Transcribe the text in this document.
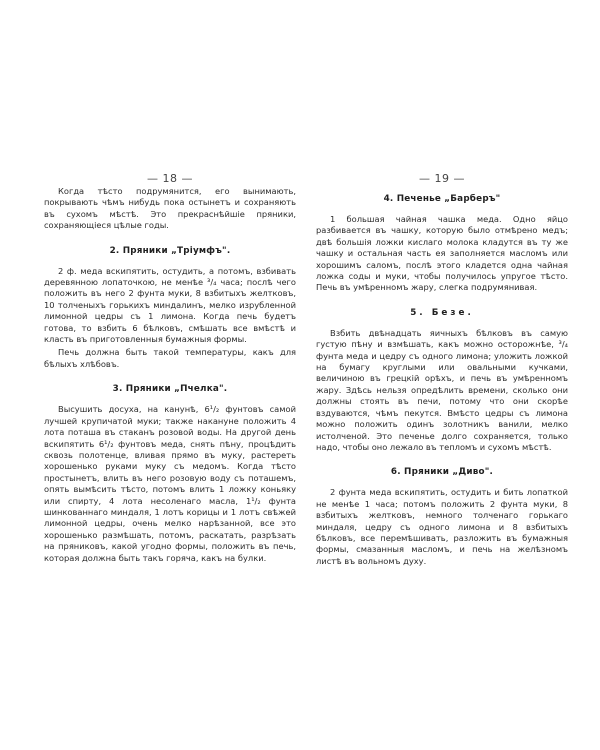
— 18 —

Когда тѣсто подрумянится, его вынимають, покрывають чѣмъ нибудь пока остынетъ и сохраняють въ сухомъ мѣстѣ. Это прекраснѣйшіе пряники, сохраняющіеся цѣлые годы.

2. Пряники „Тріумфъ".

2 ф. меда вскипятить, остудить, а потомъ, взбивать деревянною лопаточкою, не менѣе ³/₄ часа; послѣ чего положить въ него 2 фунта муки, 8 взбитыхъ желтковъ, 10 толченыхъ горькихъ миндалинъ, мелко изрубленной лимонной цедры съ 1 лимона. Когда печь будетъ готова, то взбить 6 бѣлковъ, смѣшать все вмѣстѣ и класть въ приготовленныя бумажныя формы.

Печь должна быть такой температуры, какъ для бѣлыхъ хлѣбовъ.

3. Пряники „Пчелка".

Высушить досуха, на канунѣ, 6¹/₂ фунтовъ самой лучшей крупичатой муки; также накануне положить 4 лота поташа въ стаканъ розовой воды. На другой день вскипятить 6¹/₂ фунтовъ меда, снять пѣну, процѣдить сквозь полотенце, вливая прямо въ муку, растереть хорошенько руками муку съ медомъ. Когда тѣсто простынетъ, влить въ него розовую воду съ поташемъ, опять вымѣсить тѣсто, потомъ влить 1 ложку коньяку или спирту, 4 лота несоленаго масла, 1¹/₂ фунта шинкованнаго миндаля, 1 лотъ корицы и 1 лотъ свѣжей лимонной цедры, очень мелко нарѣзанной, все это хорошенько размѣшать, потомъ, раскатать, разрѣзать на пряниковъ, какой угодно формы, положить въ печь, которая должна быть такъ горяча, какъ на булки.

— 19 —
4. Печенье „Барберъ"

1 большая чайная чашка меда. Одно яйцо разбивается въ чашку, которую было отмѣрено медъ; двѣ большія ложки кислаго молока кладутся въ ту же чашку и остальная часть ея заполняется масломъ или хорошимъ саломъ, послѣ этого кладется одна чайная ложка соды и муки, чтобы получилось упругое тѣсто. Печь въ умѣренномъ жару, слегка подрумянивая.

5. Безе.

Взбить двѣнадцать яичныхъ бѣлковъ въ самую густую пѣну и взмѣшать, какъ можно осторожнѣе, ³/₄ фунта меда и цедру съ одного лимона; уложить ложкой на бумагу круглыми или овальными кучками, величиною въ грецкій орѣхъ, и печь въ умѣренномъ жару. Здѣсь нельзя опредѣлить времени, сколько они должны стоять въ печи, потому что они скорѣе вздуваются, чѣмъ пекутся. Вмѣсто цедры съ лимона можно положить одинъ золотникъ ванили, мелко истолченой. Это печенье долго сохраняется, только надо, чтобы оно лежало въ тепломъ и сухомъ мѣстѣ.

6. Пряники „Диво".

2 фунта меда вскипятить, остудить и бить лопаткой не менѣе 1 часа; потомъ положить 2 фунта муки, 8 взбитыхъ желтковъ, немного толченаго горькаго миндаля, цедру съ одного лимона и 8 взбитыхъ бѣлковъ, все перемѣшивать, разложить въ бумажныя формы, смазанныя масломъ, и печь на желѣзномъ листѣ въ вольномъ духу.
